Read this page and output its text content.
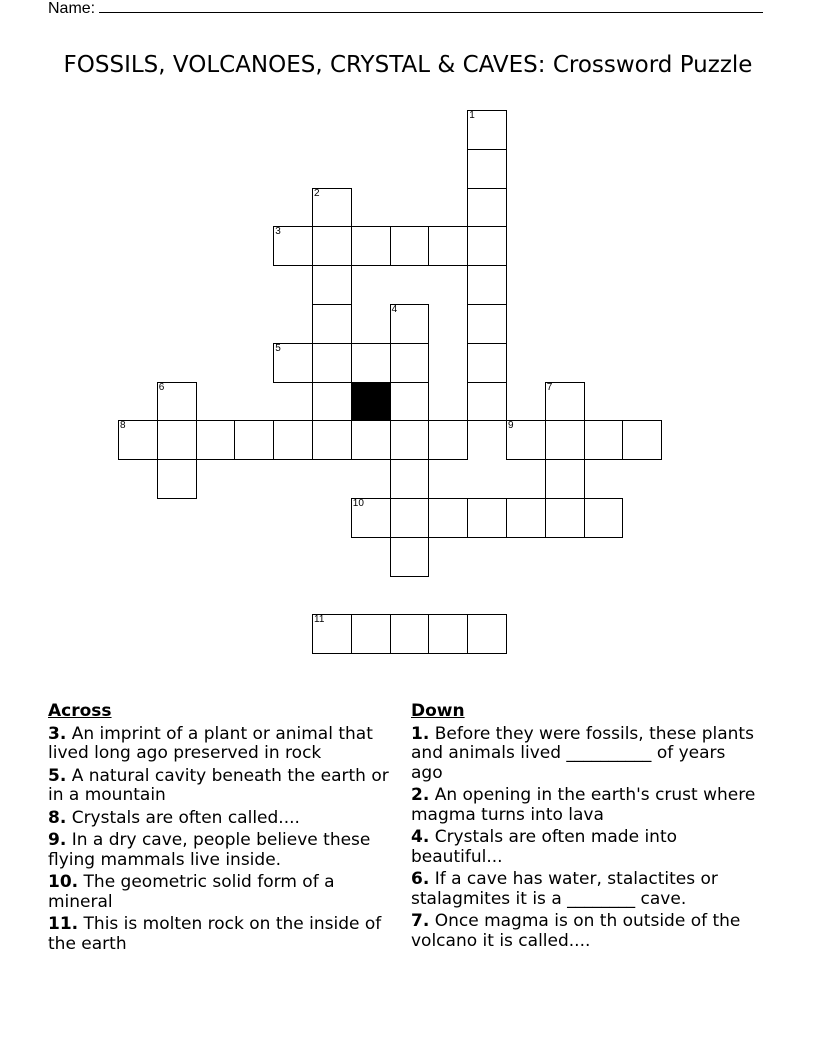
Name:
FOSSILS, VOLCANOES, CRYSTAL & CAVES: Crossword Puzzle
1
2
3
4
5
6	7
8	9
10
11
Across
3. An imprint of a plant or animal that lived long ago preserved in rock
5. A natural cavity beneath the earth or in a mountain
8. Crystals are often called....
9. In a dry cave, people believe these flying mammals live inside.
10. The geometric solid form of a mineral
11. This is molten rock on the inside of the earth
Down
1. Before they were fossils, these plants and animals lived __________ of years ago
2. An opening in the earth's crust where magma turns into lava
4. Crystals are often made into beautiful...
6. If a cave has water, stalactites or stalagmites it is a ________ cave.
7. Once magma is on th outside of the volcano it is called....
